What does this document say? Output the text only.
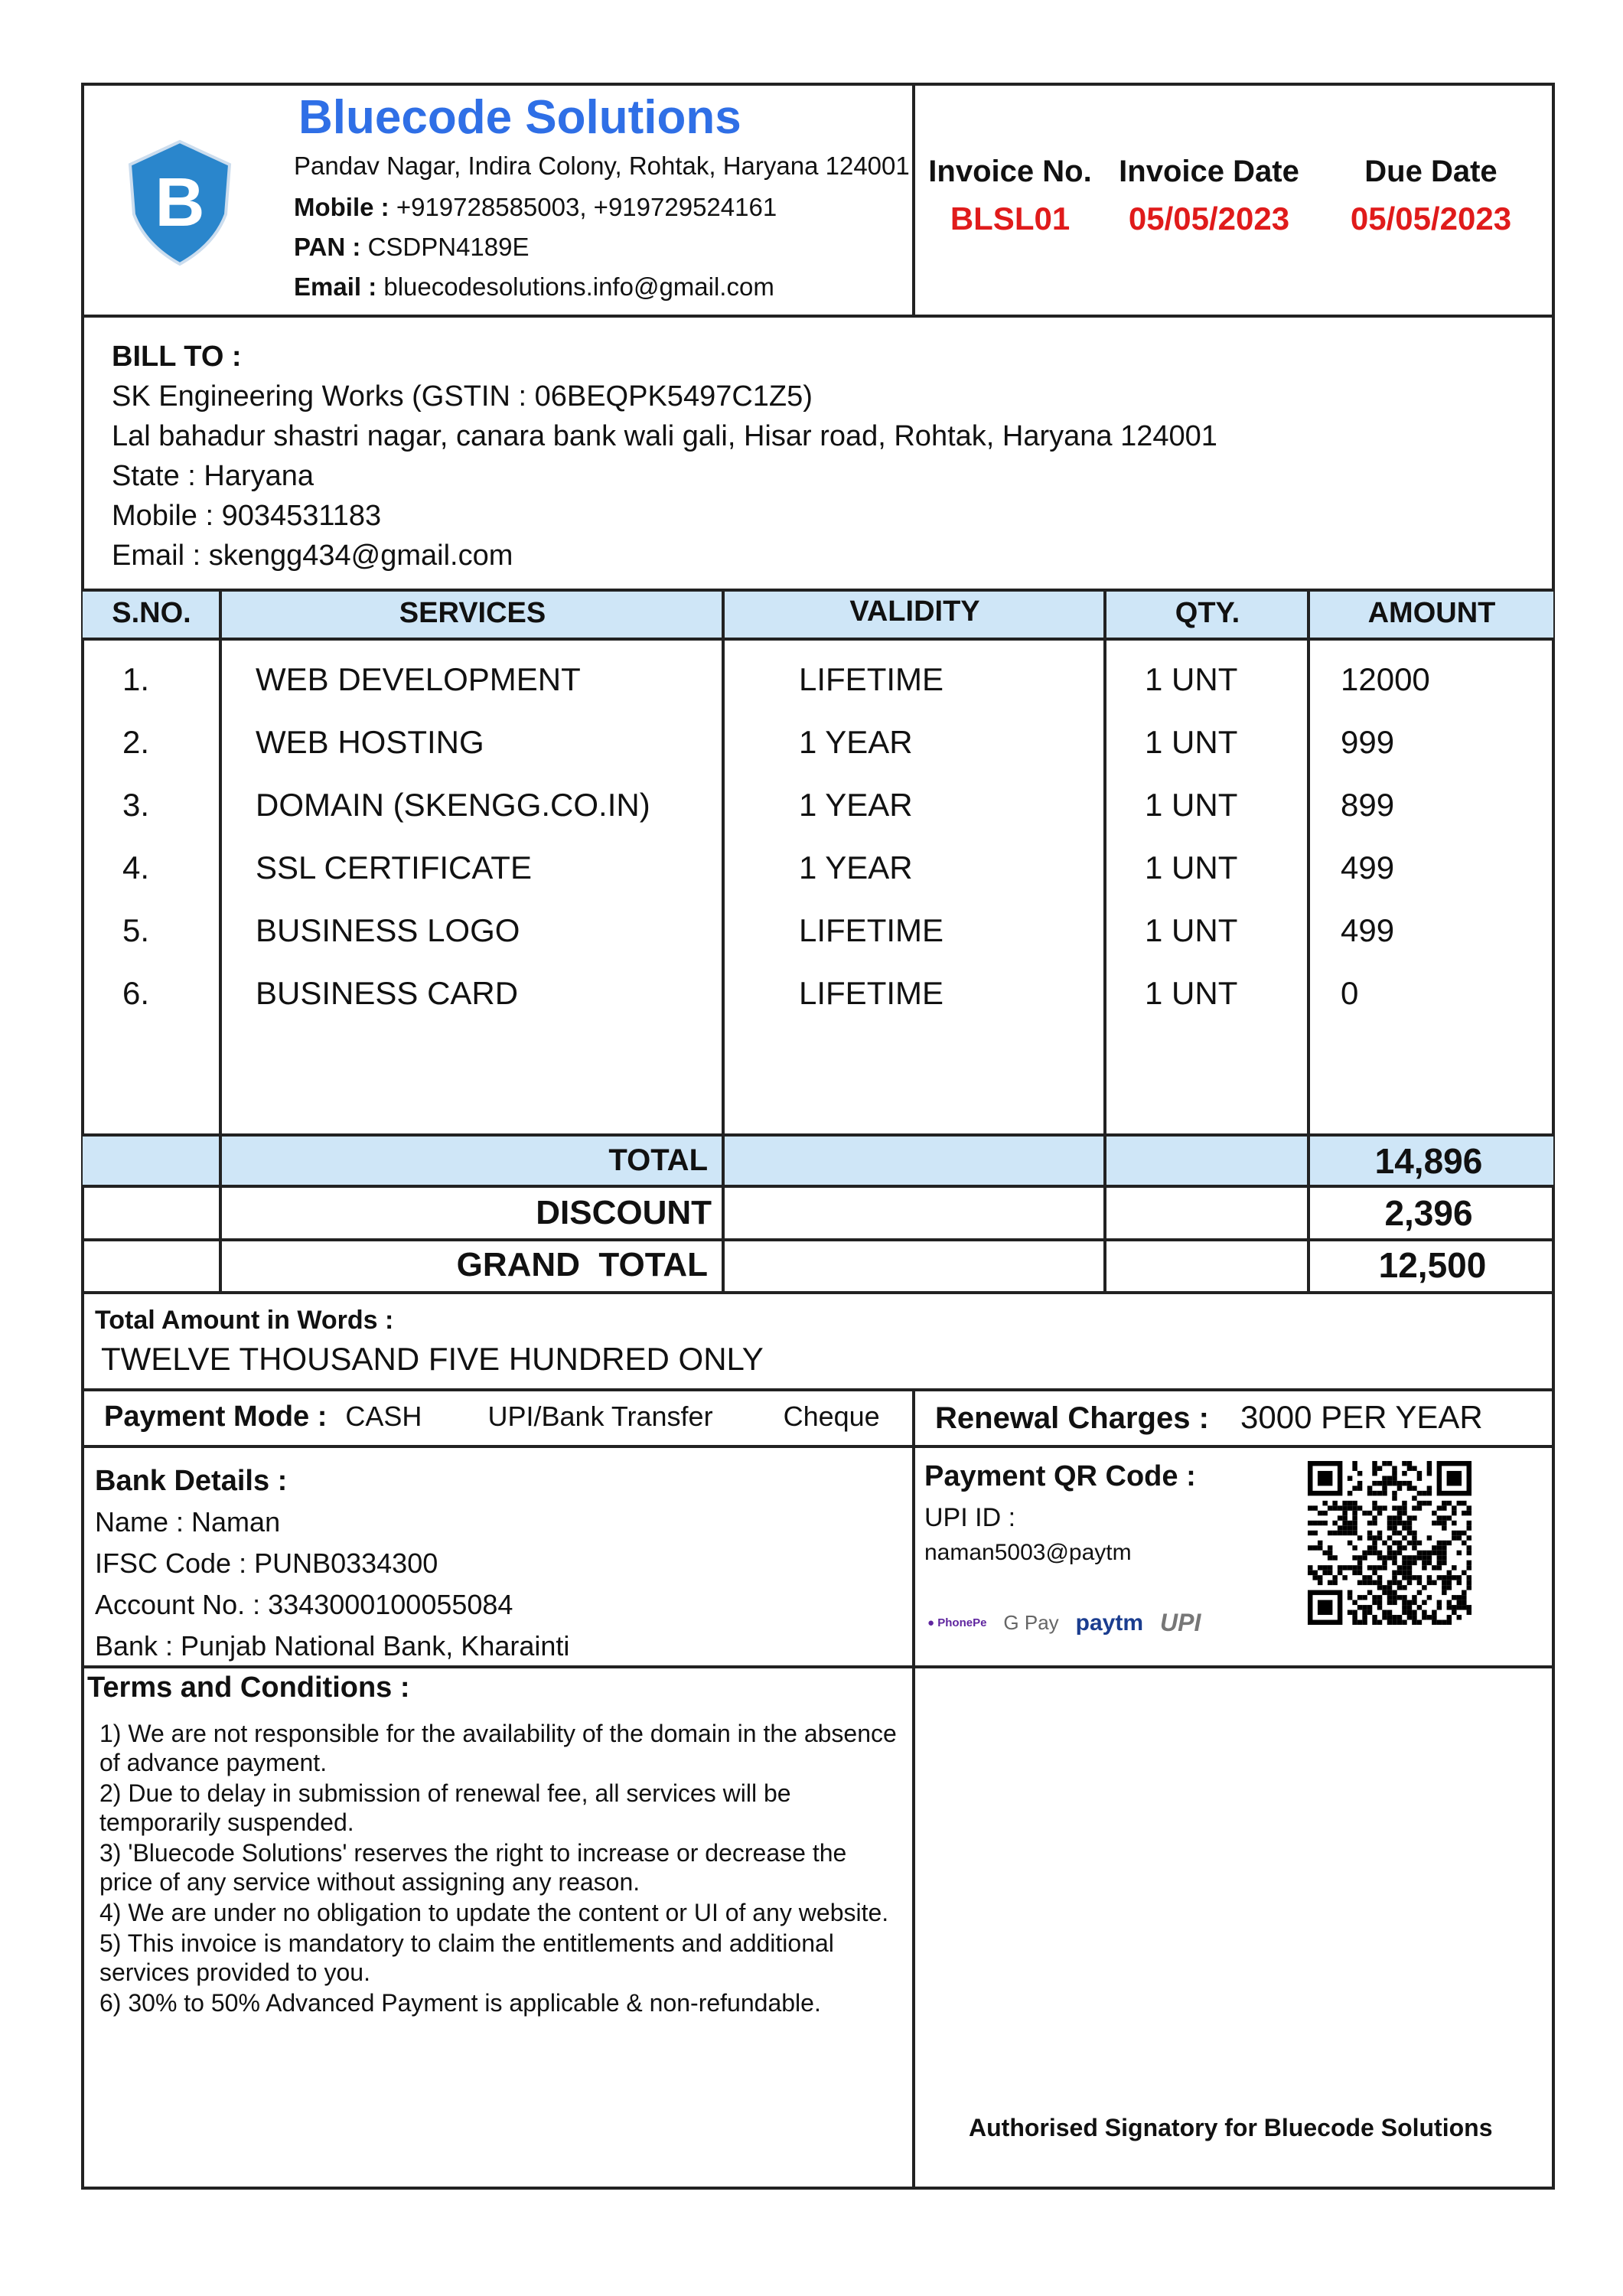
B
Bluecode Solutions
Pandav Nagar, Indira Colony, Rohtak, Haryana 124001
Mobile : +919728585003, +919729524161
PAN : CSDPN4189E
Email : bluecodesolutions.info@gmail.com
Invoice No.
BLSL01
Invoice Date
05/05/2023
Due Date
05/05/2023
BILL TO :
SK Engineering Works (GSTIN : 06BEQPK5497C1Z5)
Lal bahadur shastri nagar, canara bank wali gali, Hisar road, Rohtak, Haryana 124001
State : Haryana
Mobile : 9034531183
Email : skengg434@gmail.com
S.NO.	SERVICES	VALIDITY	QTY.	AMOUNT
1.	WEB DEVELOPMENT	LIFETIME	1 UNT	12000
2.	WEB HOSTING	1 YEAR	1 UNT	999
3.	DOMAIN (SKENGG.CO.IN)	1 YEAR	1 UNT	899
4.	SSL CERTIFICATE	1 YEAR	1 UNT	499
5.	BUSINESS LOGO	LIFETIME	1 UNT	499
6.	BUSINESS CARD	LIFETIME	1 UNT	0
TOTAL	14,896
DISCOUNT	2,396
GRAND  TOTAL	12,500
Total Amount in Words :
TWELVE THOUSAND FIVE HUNDRED ONLY
Payment Mode : CASH UPI/Bank Transfer	Cheque Renewal Charges : 3000 PER YEAR
Bank Details :
Name : Naman
IFSC Code : PUNB0334300
Account No. : 3343000100055084
Bank : Punjab National Bank, Kharainti
Payment QR Code :
UPI ID :
naman5003@paytm
● PhonePe G Pay paytm UPI
Terms and Conditions :
1) We are not responsible for the availability of the domain in the absence of advance payment.
2) Due to delay in submission of renewal fee, all services will be temporarily suspended.
3) 'Bluecode Solutions' reserves the right to increase or decrease the price of any service without assigning any reason.
4) We are under no obligation to update the content or UI of any website.
5) This invoice is mandatory to claim the entitlements and additional services provided to you.
6) 30% to 50% Advanced Payment is applicable & non-refundable.
Authorised Signatory for Bluecode Solutions
